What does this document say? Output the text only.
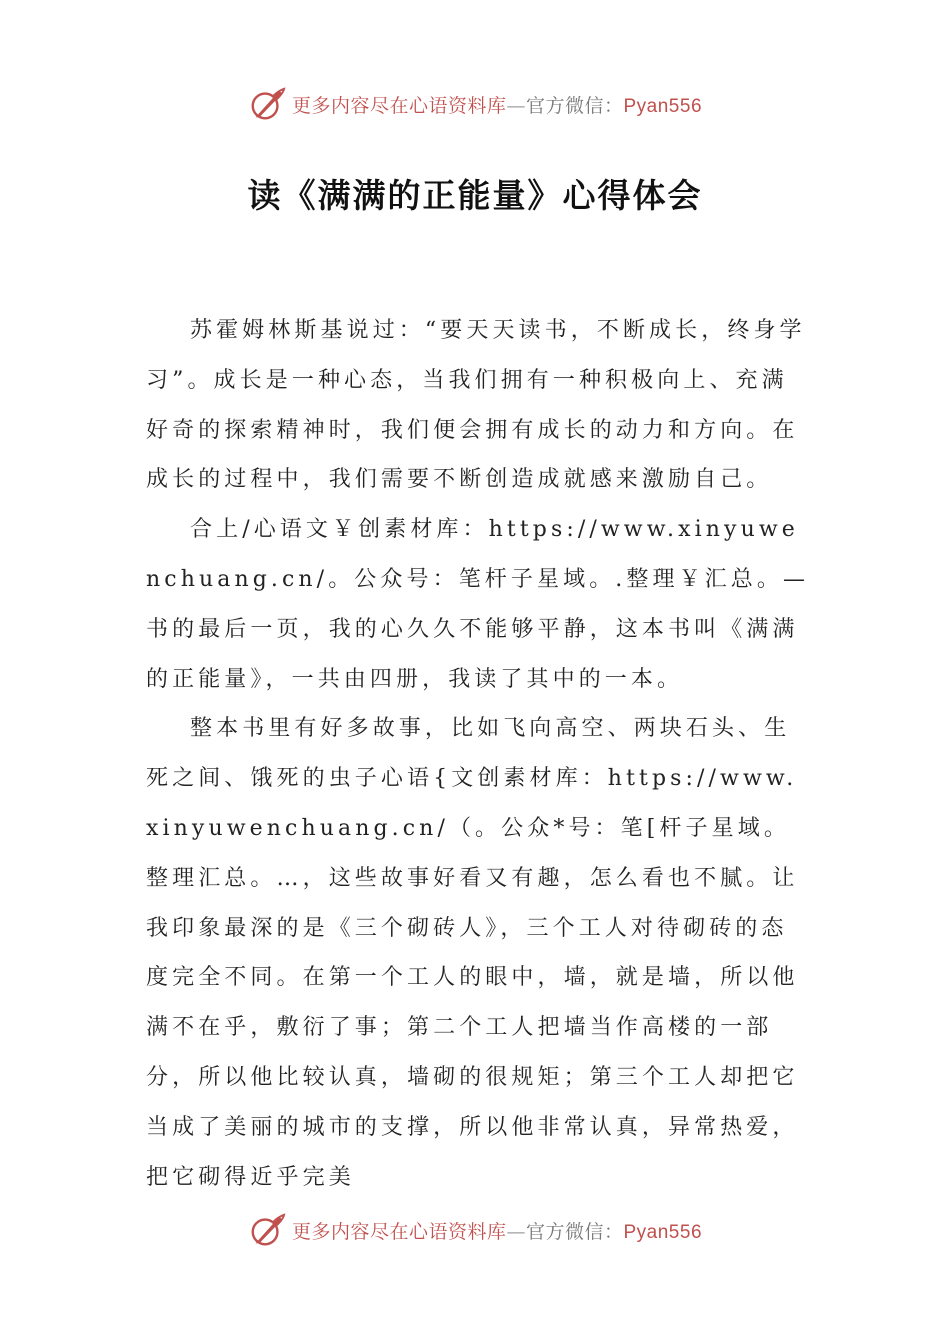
更多内容尽在心语资料库—官方微信：Pyan556
读《满满的正能量》心得体会

苏霍姆林斯基说过：“要天天读书，不断成长，终身学习”。成长是一种心态，当我们拥有一种积极向上、充满好奇的探索精神时，我们便会拥有成长的动力和方向。在成长的过程中，我们需要不断创造成就感来激励自己。

合上/心语文￥创素材库：https://www.xinyuwenchuang.cn/。公众号：笔杆子星域。.整理￥汇总。—书的最后一页，我的心久久不能够平静，这本书叫《满满的正能量》，一共由四册，我读了其中的一本。

整本书里有好多故事，比如飞向高空、两块石头、生死之间、饿死的虫子心语{文创素材库：https://www.xinyuwenchuang.cn/（。公众*号：笔[杆子星域。整理汇总。…，这些故事好看又有趣，怎么看也不腻。让我印象最深的是《三个砌砖人》，三个工人对待砌砖的态度完全不同。在第一个工人的眼中，墙，就是墙，所以他满不在乎，敷衍了事；第二个工人把墙当作高楼的一部分，所以他比较认真，墙砌的很规矩；第三个工人却把它当成了美丽的城市的支撑，所以他非常认真，异常热爱，把它砌得近乎完美

更多内容尽在心语资料库—官方微信：Pyan556
